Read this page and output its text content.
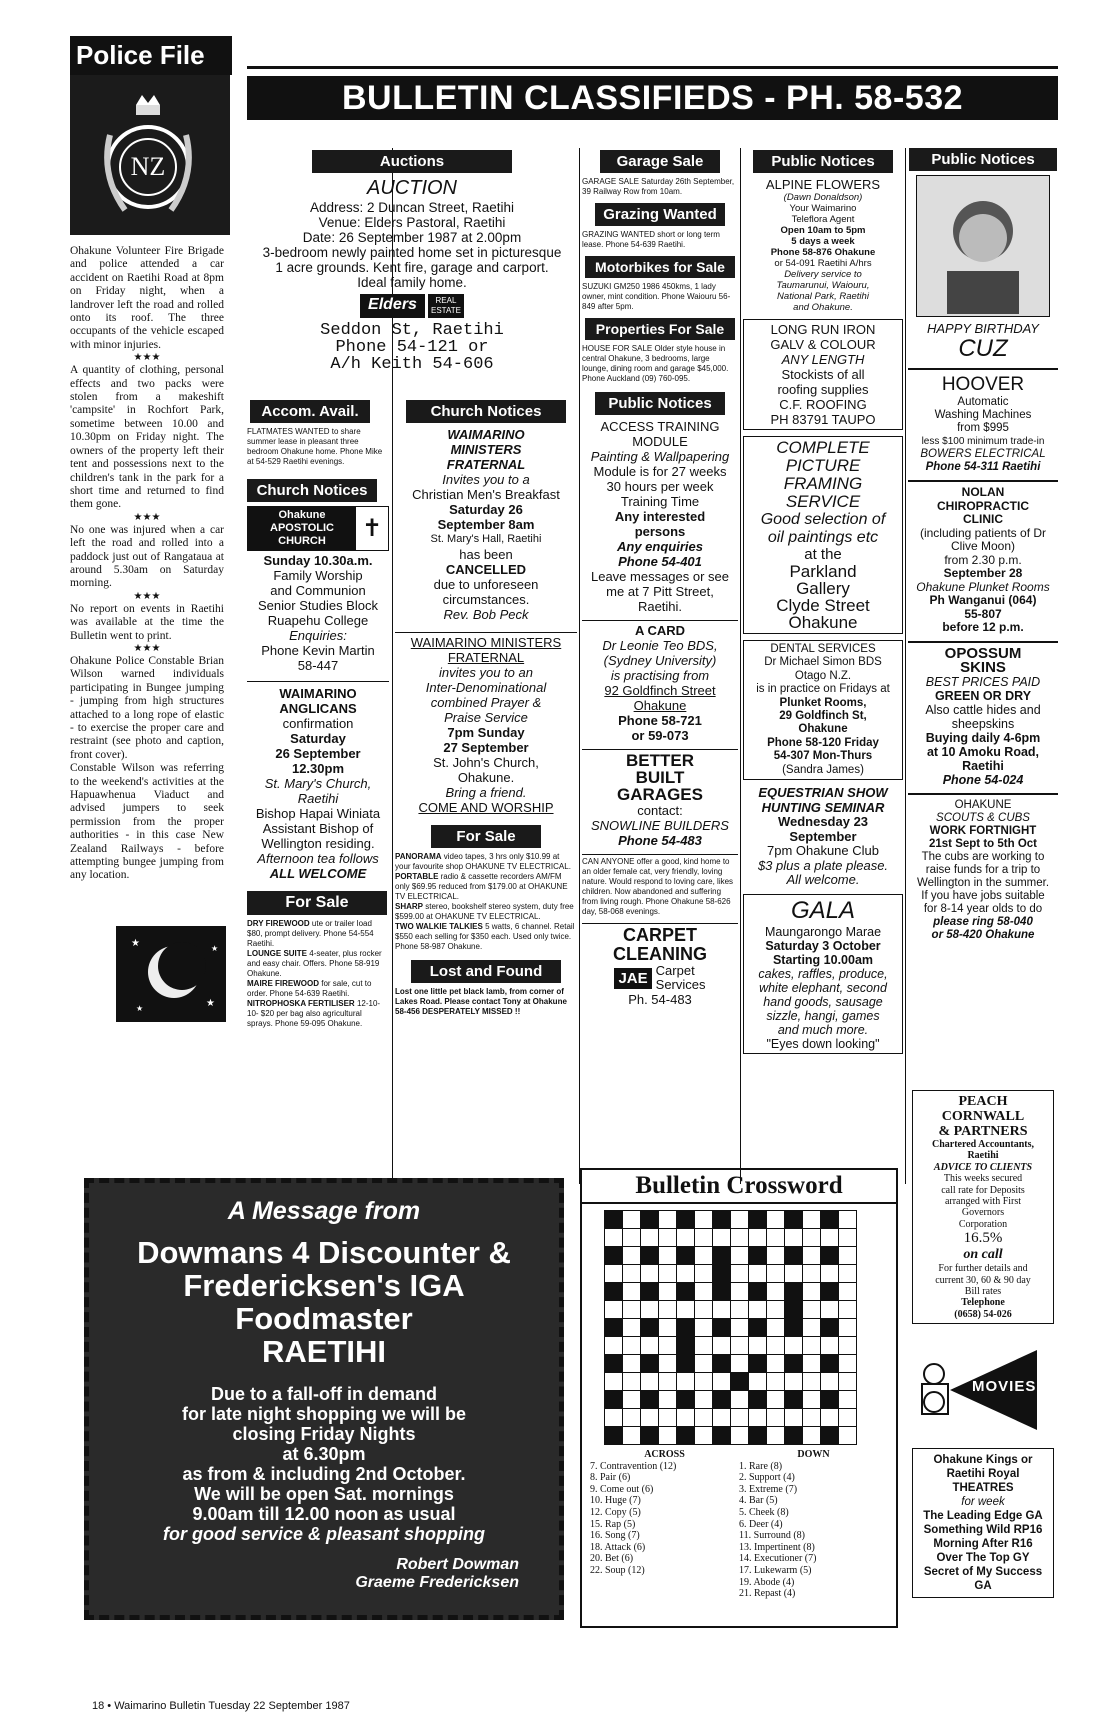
Police File
NZ

Ohakune Volunteer Fire Brigade and police attended a car accident on Raetihi Road at 8pm on Friday night, when a landrover left the road and rolled onto its roof. The three occupants of the vehicle escaped with minor injuries.

★★★

A quantity of clothing, personal effects and two packs were stolen from a makeshift 'campsite' in Rochfort Park, sometime between 10.00 and 10.30pm on Friday night. The owners of the property left their tent and possessions next to the children's tank in the park for a short time and returned to find them gone.

★★★

No one was injured when a car left the road and rolled into a paddock just out of Rangataua at around 5.30am on Saturday morning.

★★★

No report on events in Raetihi was available at the time the Bulletin went to print.

★★★

Ohakune Police Constable Brian Wilson warned individuals participating in Bungee jumping - jumping from high structures attached to a long rope of elastic - to exercise the proper care and restraint (see photo and caption, front cover).

Constable Wilson was referring to the weekend's activities at the Hapuawhenua Viaduct and advised jumpers to seek permission from the proper authorities - in this case New Zealand Railways - before attempting bungee jumping from any location.

★
★
★
★
BULLETIN CLASSIFIEDS - PH. 58-532
Auctions
AUCTION
Address: 2 Duncan Street, Raetihi
Venue: Elders Pastoral, Raetihi
Date: 26 September 1987 at 2.00pm
3-bedroom newly painted home set in picturesque
1 acre grounds. Kent fire, garage and carport.
Ideal family home.
Elders	REAL ESTATE
Seddon St, Raetihi
Phone 54-121 or
A/h Keith 54-606
Accom. Avail.
FLATMATES WANTED to share summer lease in pleasant three bedroom Ohakune home. Phone Mike at 54-529 Raetihi evenings.
Church Notices
Ohakune
APOSTOLIC
CHURCH	✝
Sunday 10.30a.m.
Family Worship
and Communion
Senior Studies Block
Ruapehu College
Enquiries:
Phone Kevin Martin
58-447
WAIMARINO
ANGLICANS
confirmation
Saturday
26 September
12.30pm
St. Mary's Church,
Raetihi
Bishop Hapai Winiata
Assistant Bishop of
Wellington residing.
Afternoon tea follows
ALL WELCOME
For Sale
DRY FIREWOOD ute or trailer load $80, prompt delivery. Phone 54-554 Raetihi.
LOUNGE SUITE 4-seater, plus rocker and easy chair. Offers. Phone 58-919 Ohakune.
MAIRE FIREWOOD for sale, cut to order. Phone 54-639 Raetihi.
NITROPHOSKA FERTILISER 12-10-10- $20 per bag also agricultural sprays. Phone 59-095 Ohakune.
Church Notices
WAIMARINO
MINISTERS
FRATERNAL
Invites you to a
Christian Men's Breakfast
Saturday 26
September 8am
St. Mary's Hall, Raetihi
has been
CANCELLED
due to unforeseen
circumstances.
Rev. Bob Peck
WAIMARINO MINISTERS
FRATERNAL
invites you to an
Inter-Denominational
combined Prayer &
Praise Service
7pm Sunday
27 September
St. John's Church,
Ohakune.
Bring a friend.
COME AND WORSHIP
For Sale
PANORAMA video tapes, 3 hrs only $10.99 at your favourite shop OHAKUNE TV ELECTRICAL.
PORTABLE radio & cassette recorders AM/FM only $69.95 reduced from $179.00 at OHAKUNE TV ELECTRICAL.
SHARP stereo, bookshelf stereo system, duty free $599.00 at OHAKUNE TV ELECTRICAL.
TWO WALKIE TALKIES 5 watts, 6 channel. Retail $550 each selling for $350 each. Used only twice. Phone 58-987 Ohakune.
Lost and Found
Lost one little pet black lamb, from corner of Lakes Road. Please contact Tony at Ohakune 58-456 DESPERATELY MISSED !!
Garage Sale
GARAGE SALE Saturday 26th September, 39 Railway Row from 10am.
Grazing Wanted
GRAZING WANTED short or long term lease. Phone 54-639 Raetihi.
Motorbikes for Sale
SUZUKI GM250 1986 450kms, 1 lady owner, mint condition. Phone Waiouru 56-849 after 5pm.
Properties For Sale
HOUSE FOR SALE Older style house in central Ohakune, 3 bedrooms, large lounge, dining room and garage $45,000. Phone Auckland (09) 760-095.
Public Notices
ACCESS TRAINING
MODULE
Painting & Wallpapering
Module is for 27 weeks
30 hours per week
Training Time
Any interested
persons
Any enquiries
Phone 54-401
Leave messages or see
me at 7 Pitt Street,
Raetihi.
A CARD
Dr Leonie Teo BDS,
(Sydney University)
is practising from
92 Goldfinch Street
Ohakune
Phone 58-721
or 59-073
BETTER
BUILT
GARAGES
contact:
SNOWLINE BUILDERS
Phone 54-483
CAN ANYONE offer a good, kind home to an older female cat, very friendly, loving nature. Would respond to loving care, likes children. Now abandoned and suffering from living rough. Phone Ohakune 58-626 day, 58-068 evenings.
CARPET
CLEANING
JAE Carpet
Services
Ph. 54-483
Public Notices
ALPINE FLOWERS
(Dawn Donaldson)
Your Waimarino
Teleflora Agent
Open 10am to 5pm
5 days a week
Phone 58-876 Ohakune
or 54-091 Raetihi A/hrs
Delivery service to
Taumarunui, Waiouru,
National Park, Raetihi
and Ohakune.
LONG RUN IRON
GALV & COLOUR
ANY LENGTH
Stockists of all
roofing supplies
C.F. ROOFING
PH 83791 TAUPO
COMPLETE
PICTURE
FRAMING
SERVICE
Good selection of
oil paintings etc
at the
Parkland
Gallery
Clyde Street
Ohakune
DENTAL SERVICES
Dr Michael Simon BDS
Otago N.Z.
is in practice on Fridays at
Plunket Rooms,
29 Goldfinch St,
Ohakune
Phone 58-120 Friday
54-307 Mon-Thurs
(Sandra James)
EQUESTRIAN SHOW
HUNTING SEMINAR
Wednesday 23
September
7pm Ohakune Club
$3 plus a plate please.
All welcome.
GALA
Maungarongo Marae
Saturday 3 October
Starting 10.00am
cakes, raffles, produce,
white elephant, second
hand goods, sausage
sizzle, hangi, games
and much more.
"Eyes down looking"
Public Notices
HAPPY BIRTHDAY
CUZ
HOOVER
Automatic
Washing Machines
from $995
less $100 minimum trade-in
BOWERS ELECTRICAL
Phone 54-311 Raetihi
NOLAN
CHIROPRACTIC
CLINIC
(including patients of Dr
Clive Moon)
from 2.30 p.m.
September 28
Ohakune Plunket Rooms
Ph Wanganui (064)
55-807
before 12 p.m.
OPOSSUM
SKINS
BEST PRICES PAID
GREEN OR DRY
Also cattle hides and
sheepskins
Buying daily 4-6pm
at 10 Amoku Road,
Raetihi
Phone 54-024
OHAKUNE
SCOUTS & CUBS
WORK FORTNIGHT
21st Sept to 5th Oct
The cubs are working to
raise funds for a trip to
Wellington in the summer.
If you have jobs suitable
for 8-14 year olds to do
please ring 58-040
or 58-420 Ohakune
PEACH
CORNWALL
& PARTNERS
Chartered Accountants,
Raetihi
ADVICE TO CLIENTS
This weeks secured
call rate for Deposits
arranged with First
Governors
Corporation
16.5%
on call
For further details and
current 30, 60 & 90 day
Bill rates
Telephone
(0658) 54-026
MOVIES
Ohakune Kings or
Raetihi Royal
THEATRES
for week
The Leading Edge GA
Something Wild RP16
Morning After R16
Over The Top GY
Secret of My Success GA
A Message from
Dowmans 4 Discounter &
Fredericksen's IGA
Foodmaster
RAETIHI
Due to a fall-off in demand
for late night shopping we will be
closing Friday Nights
at 6.30pm
as from & including 2nd October.
We will be open Sat. mornings
9.00am till 12.00 noon as usual
for good service & pleasant shopping
Robert Dowman
Graeme Fredericksen
Bulletin Crossword

ACROSS
7. Contravention (12)
8. Pair (6)
9. Come out (6)
10. Huge (7)
12. Copy (5)
15. Rap (5)
16. Song (7)
18. Attack (6)
20. Bet (6)
22. Soup (12)
DOWN
1. Rare (8)
2. Support (4)
3. Extreme (7)
4. Bar (5)
5. Cheek (8)
6. Deer (4)
11. Surround (8)
13. Impertinent (8)
14. Executioner (7)
17. Lukewarm (5)
19. Abode (4)
21. Repast (4)
18 • Waimarino Bulletin Tuesday 22 September 1987
